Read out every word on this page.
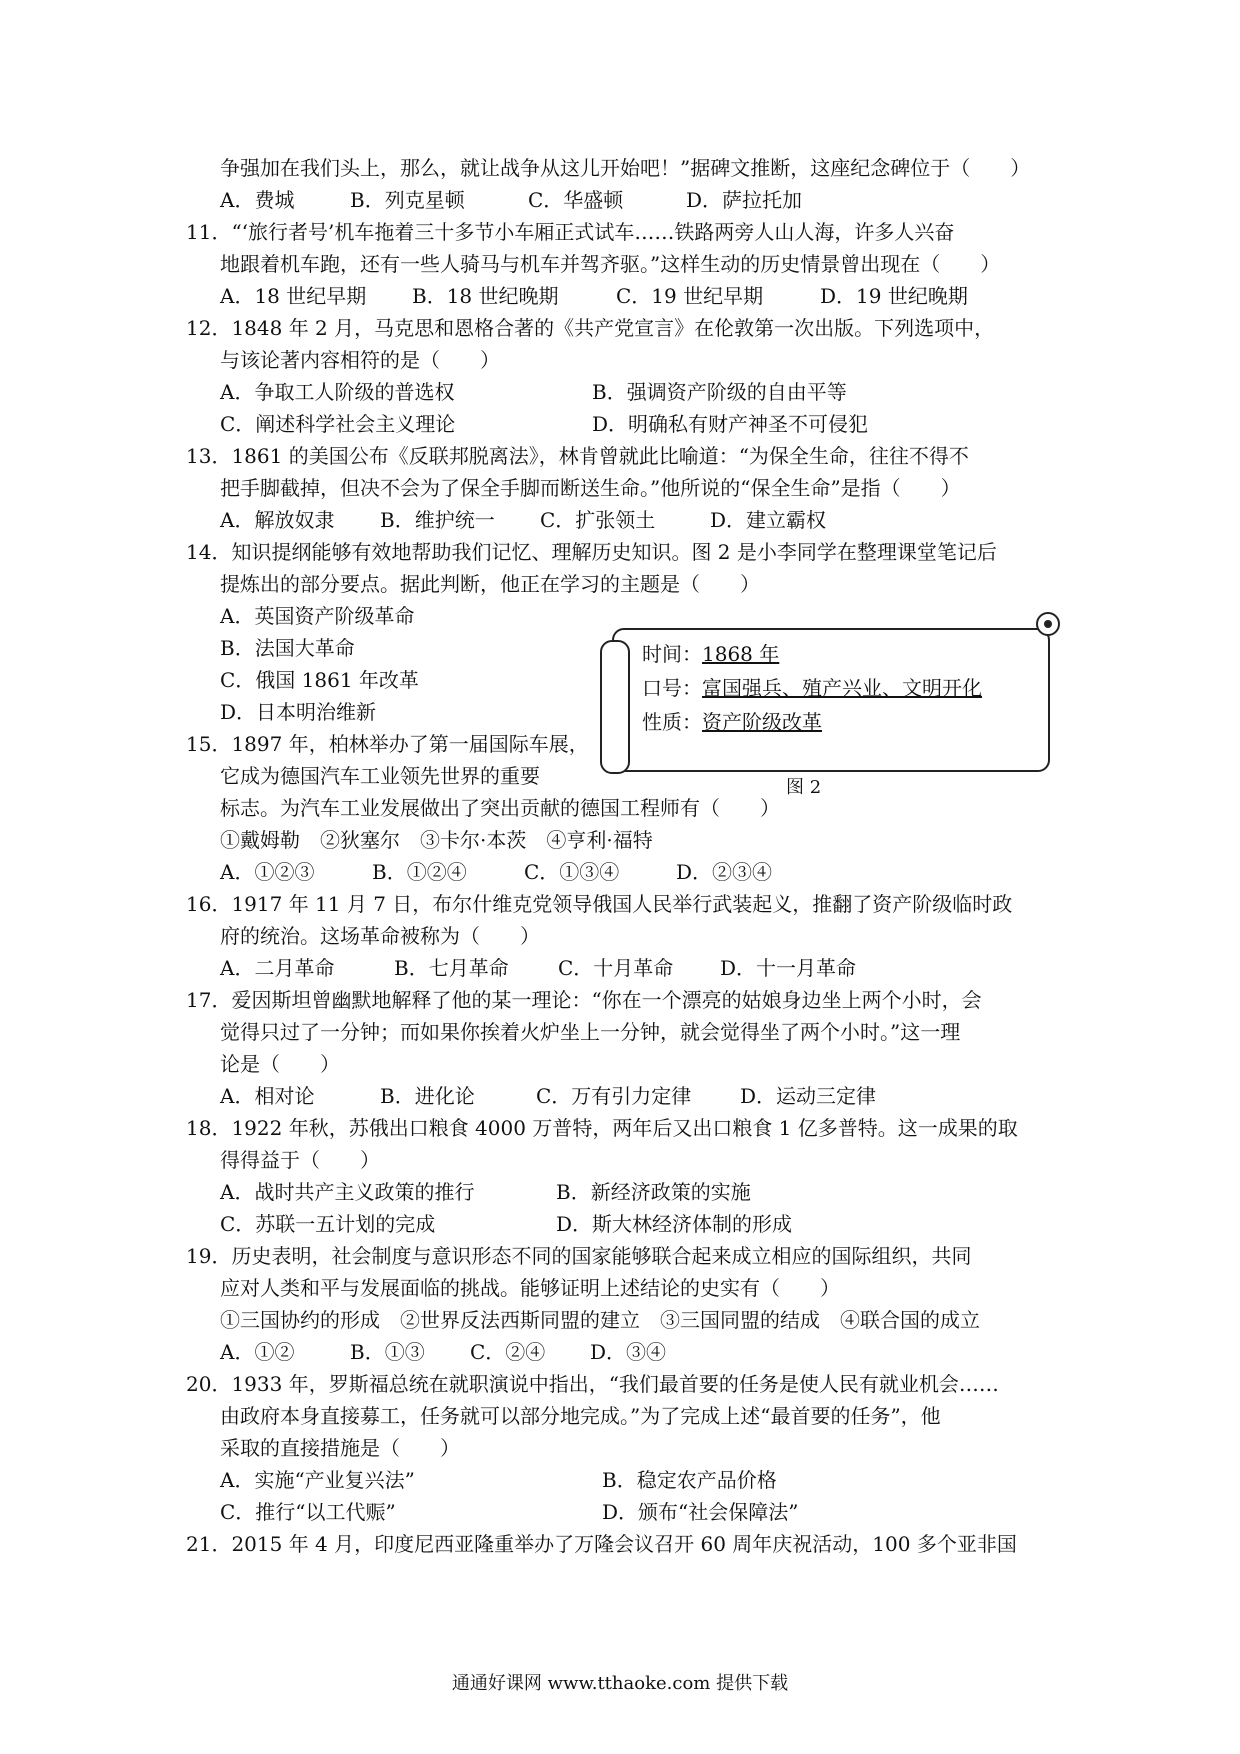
争强加在我们头上，那么，就让战争从这儿开始吧！”据碑文推断，这座纪念碑位于（　　）
A．费城	B．列克星顿	C．华盛顿	D．萨拉托加
11．“‘旅行者号’机车拖着三十多节小车厢正式试车……铁路两旁人山人海，许多人兴奋
地跟着机车跑，还有一些人骑马与机车并驾齐驱。”这样生动的历史情景曾出现在（　　）
A．18 世纪早期 B．18 世纪晚期	C．19 世纪早期	D．19 世纪晚期
12．1848 年 2 月，马克思和恩格合著的《共产党宣言》在伦敦第一次出版。下列选项中，
与该论著内容相符的是（　　）
A．争取工人阶级的普选权	B．强调资产阶级的自由平等
C．阐述科学社会主义理论	D．明确私有财产神圣不可侵犯
13．1861 的美国公布《反联邦脱离法》，林肯曾就此比喻道：“为保全生命，往往不得不
把手脚截掉，但决不会为了保全手脚而断送生命。”他所说的“保全生命”是指（　　）
A．解放奴隶 B．维护统一 C．扩张领土	D．建立霸权
14．知识提纲能够有效地帮助我们记忆、理解历史知识。图 2 是小李同学在整理课堂笔记后
提炼出的部分要点。据此判断，他正在学习的主题是（　　）
A．英国资产阶级革命
B．法国大革命
C．俄国 1861 年改革
D．日本明治维新
15．1897 年，柏林举办了第一届国际车展，
它成为德国汽车工业领先世界的重要
标志。为汽车工业发展做出了突出贡献的德国工程师有（　　）
①戴姆勒　②狄塞尔　③卡尔·本茨　④亨利·福特
A．①②③	B．①②④	C．①③④	D．②③④
16．1917 年 11 月 7 日，布尔什维克党领导俄国人民举行武装起义，推翻了资产阶级临时政
府的统治。这场革命被称为（　　）
A．二月革命	B．七月革命 C．十月革命 D．十一月革命
17．爱因斯坦曾幽默地解释了他的某一理论：“你在一个漂亮的姑娘身边坐上两个小时，会
觉得只过了一分钟；而如果你挨着火炉坐上一分钟，就会觉得坐了两个小时。”这一理
论是（　　）
A．相对论	B．进化论	C．万有引力定律 D．运动三定律
18．1922 年秋，苏俄出口粮食 4000 万普特，两年后又出口粮食 1 亿多普特。这一成果的取
得得益于（　　）
A．战时共产主义政策的推行	B．新经济政策的实施
C．苏联一五计划的完成	D．斯大林经济体制的形成
19．历史表明，社会制度与意识形态不同的国家能够联合起来成立相应的国际组织，共同
应对人类和平与发展面临的挑战。能够证明上述结论的史实有（　　）
①三国协约的形成　②世界反法西斯同盟的建立　③三国同盟的结成　④联合国的成立
A．①②	B．①③ C．②④ D．③④
20．1933 年，罗斯福总统在就职演说中指出，“我们最首要的任务是使人民有就业机会……
由政府本身直接募工，任务就可以部分地完成。”为了完成上述“最首要的任务”，他
采取的直接措施是（　　）
A．实施“产业复兴法”	B．稳定农产品价格
C．推行“以工代赈”	D．颁布“社会保障法”
21．2015 年 4 月，印度尼西亚隆重举办了万隆会议召开 60 周年庆祝活动，100 多个亚非国
时间：1868 年
口号：富国强兵、殖产兴业、文明开化
性质：资产阶级改革
图 2
通通好课网 www.tthaoke.com 提供下载
